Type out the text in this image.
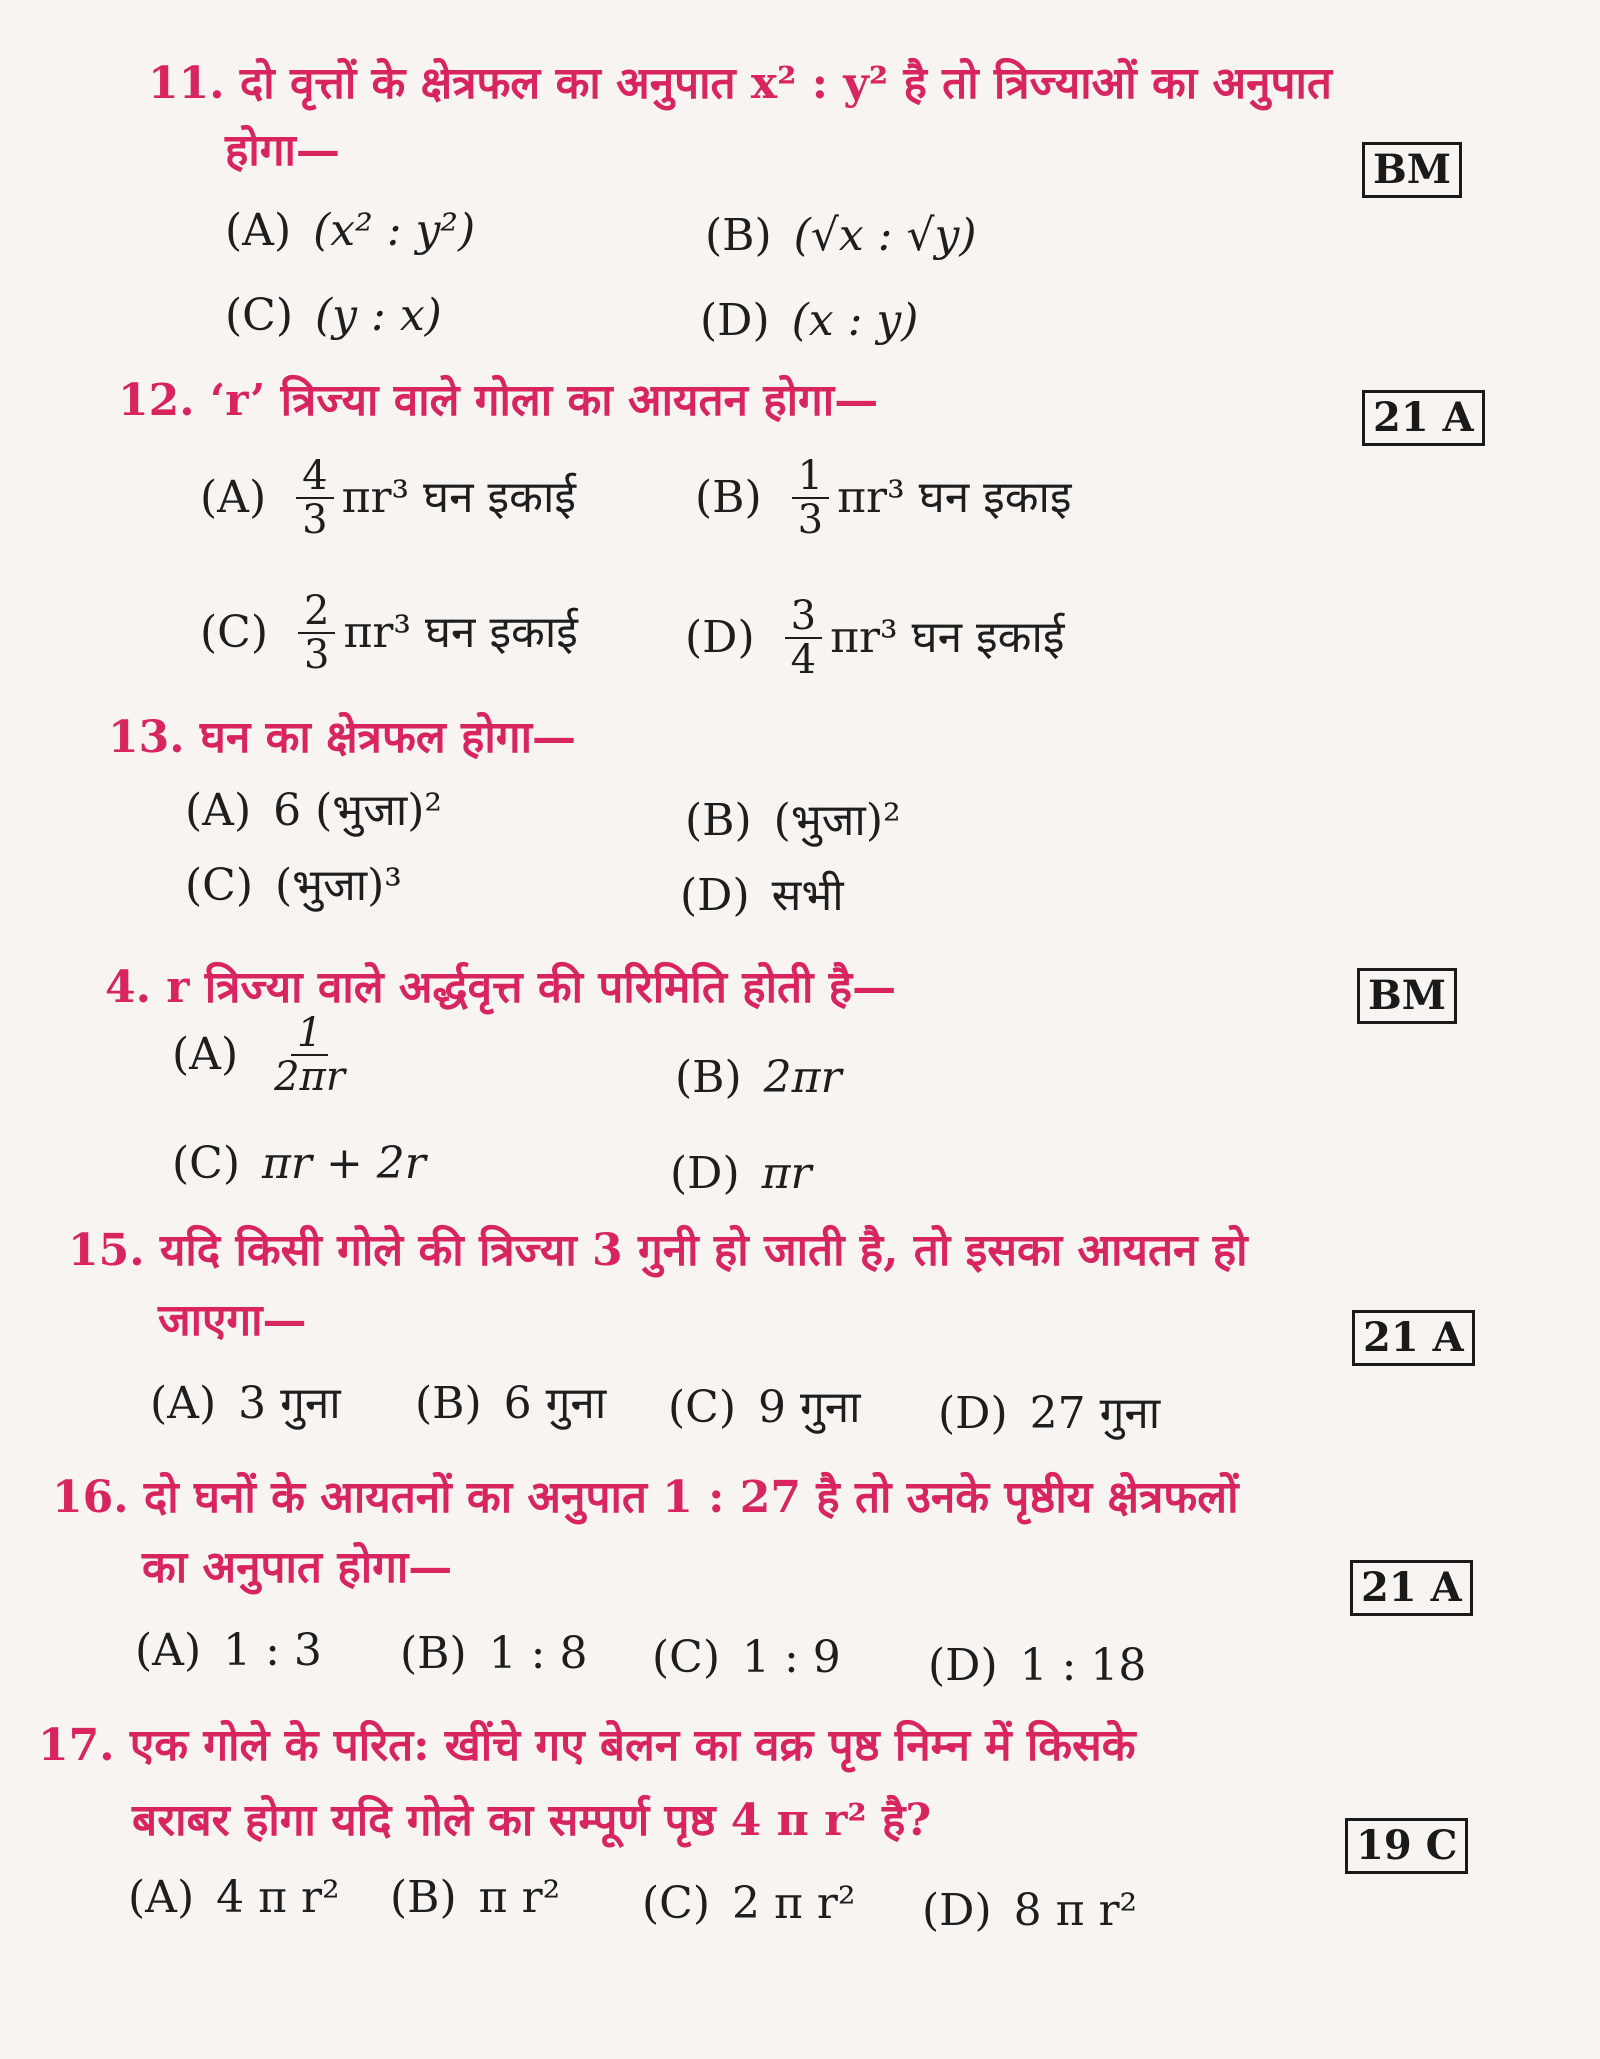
11. दो वृत्तों के क्षेत्रफल का अनुपात x² : y² है तो त्रिज्याओं का अनुपात
होगा—	BM
(A) (x² : y²)	(B) (√x : √y)
(C) (y : x)	(D) (x : y)
12. ‘r’ त्रिज्या वाले गोला का आयतन होगा—	21 A
$(A) \frac{4}{3} \pi r^3$ घन इकाई	$(B) \frac{1}{3} \pi r^3$ घन इकाइ
$(C) \frac{2}{3} \pi r^3$ घन इकाई $(D) \frac{3}{4} \pi r^3$ घन इकाई
13. घन का क्षेत्रफल होगा—
(A) 6 (भुजा)²	(B) (भुजा)²
(C) (भुजा)³	(D) सभी
4. r त्रिज्या वाले अर्द्धवृत्त की परिमिति होती है—	BM
$(A) \frac{1}{2\pi r}$	(B) 2πr
(C) πr + 2r	(D) πr
15. यदि किसी गोले की त्रिज्या 3 गुनी हो जाती है, तो इसका आयतन हो
जाएगा—	21 A
(A) 3 गुना (B) 6 गुना (C) 9 गुना (D) 27 गुना
16. दो घनों के आयतनों का अनुपात 1 : 27 है तो उनके पृष्ठीय क्षेत्रफलों
का अनुपात होगा—	21 A
(A) 1 : 3 (B) 1 : 8 (C) 1 : 9 (D) 1 : 18
17. एक गोले के परित: खींचे गए बेलन का वक्र पृष्ठ निम्न में किसके
बराबर होगा यदि गोले का सम्पूर्ण पृष्ठ 4 π r² है?	19 C
(A) 4 π r² (B) π r² (C) 2 π r² (D) 8 π r²
